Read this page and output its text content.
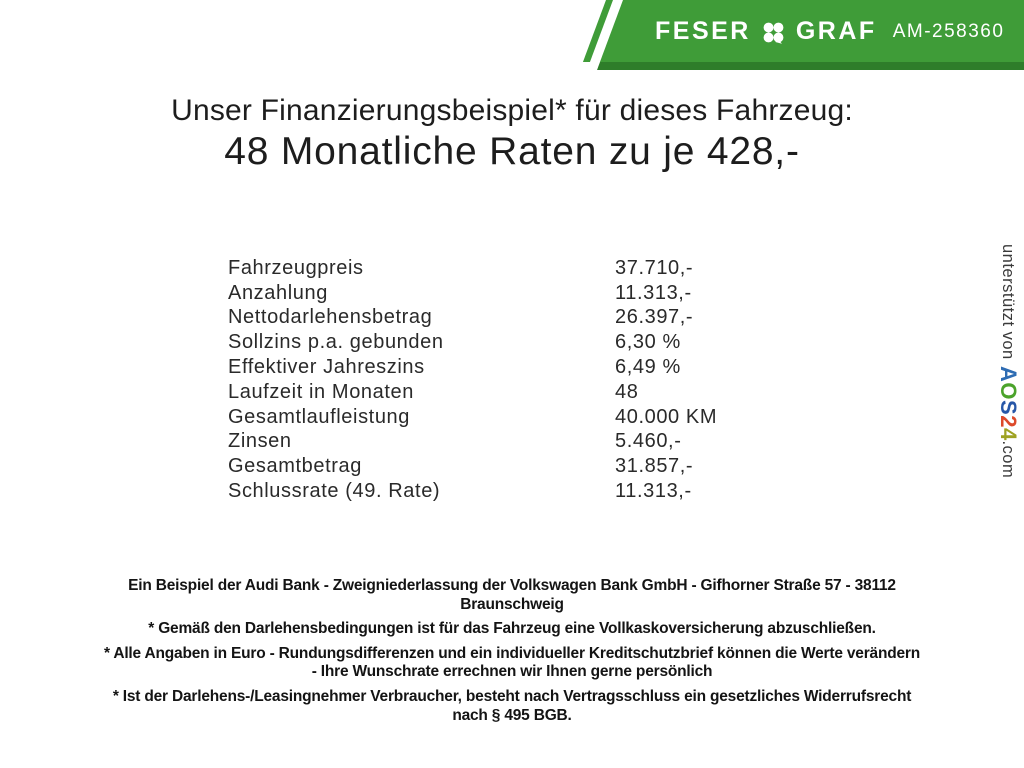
FESER GRAF AM-258360
Unser Finanzierungsbeispiel* für dieses Fahrzeug:
48 Monatliche Raten zu je 428,-
Fahrzeugpreis	37.710,-
Anzahlung	11.313,-
Nettodarlehensbetrag	26.397,-
Sollzins p.a. gebunden	6,30 %
Effektiver Jahreszins	6,49 %
Laufzeit in Monaten	48
Gesamtlaufleistung	40.000 KM
Zinsen	5.460,-
Gesamtbetrag	31.857,-
Schlussrate (49. Rate)	11.313,-
Ein Beispiel der Audi Bank - Zweigniederlassung der Volkswagen Bank GmbH - Gifhorner Straße 57 - 38112
Braunschweig
* Gemäß den Darlehensbedingungen ist für das Fahrzeug eine Vollkaskoversicherung abzuschließen.
* Alle Angaben in Euro - Rundungsdifferenzen und ein individueller Kreditschutzbrief können die Werte verändern
- Ihre Wunschrate errechnen wir Ihnen gerne persönlich
* Ist der Darlehens-/Leasingnehmer Verbraucher, besteht nach Vertragsschluss ein gesetzliches Widerrufsrecht
nach § 495 BGB.
unterstützt vonAOS24.com
